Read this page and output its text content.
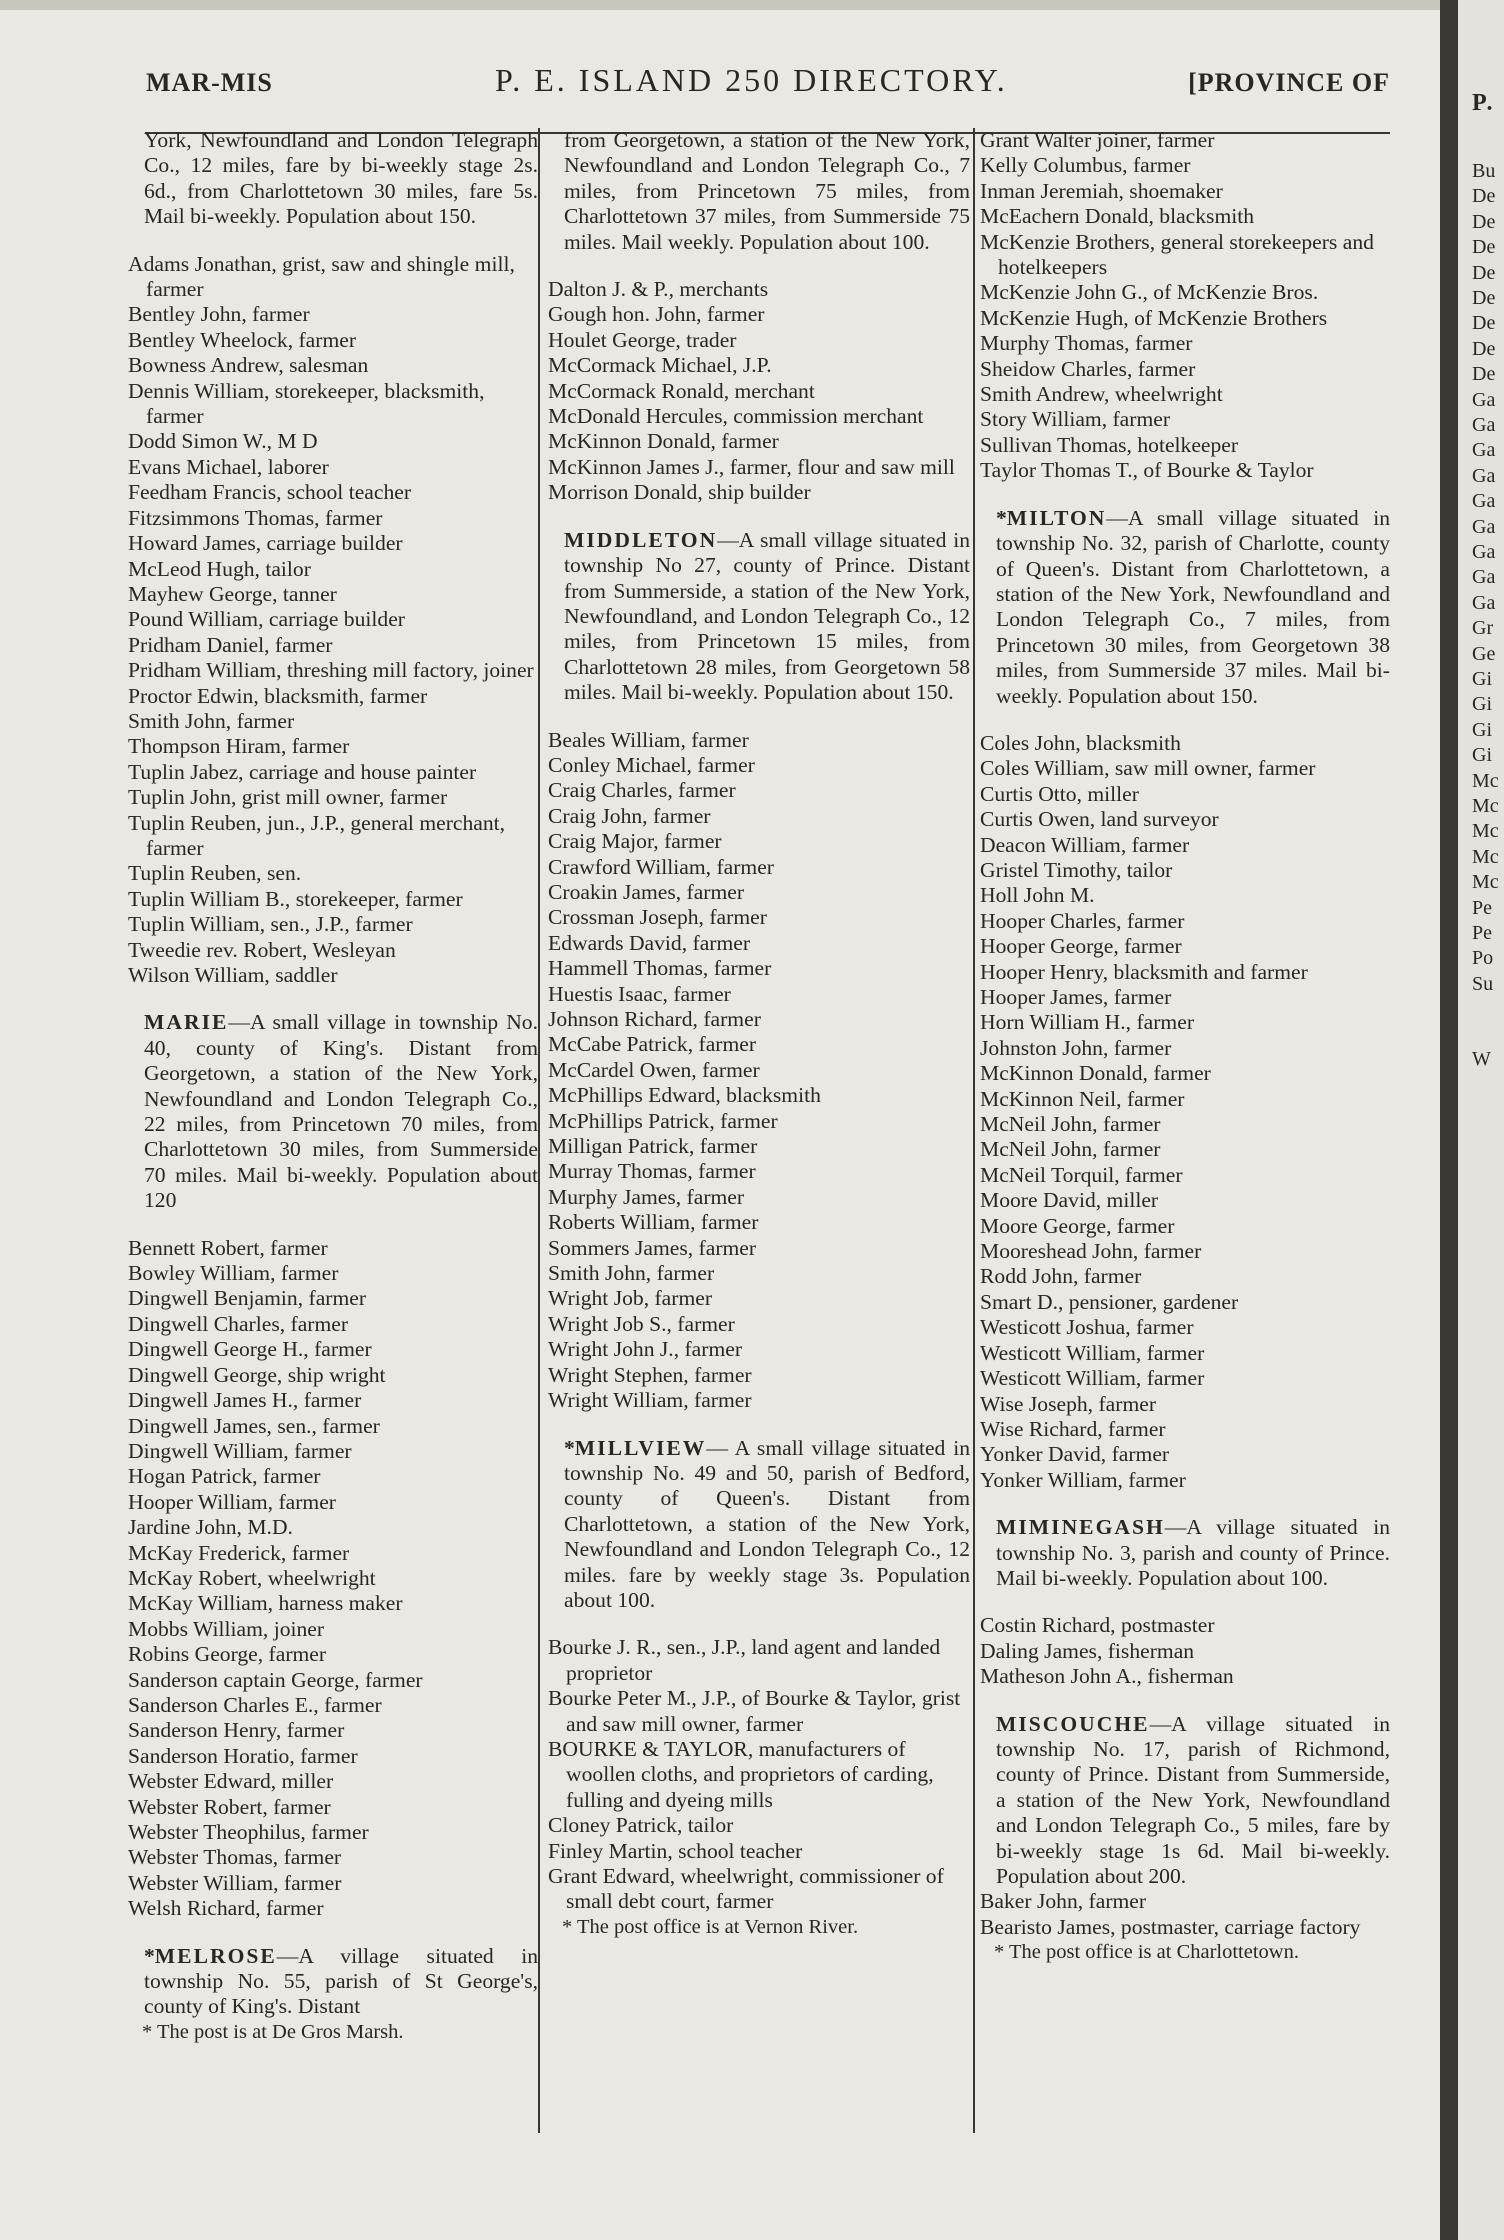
MAR-MIS	P. E. ISLAND 250 DIRECTORY.	[PROVINCE OF

York, Newfoundland and London Telegraph Co., 12 miles, fare by bi-weekly stage 2s. 6d., from Charlottetown 30 miles, fare 5s. Mail bi-weekly. Population about 150.

Adams Jonathan, grist, saw and shingle mill, farmer

Bentley John, farmer

Bentley Wheelock, farmer

Bowness Andrew, salesman

Dennis William, storekeeper, blacksmith, farmer

Dodd Simon W., M D

Evans Michael, laborer

Feedham Francis, school teacher

Fitzsimmons Thomas, farmer

Howard James, carriage builder

McLeod Hugh, tailor

Mayhew George, tanner

Pound William, carriage builder

Pridham Daniel, farmer

Pridham William, threshing mill factory, joiner

Proctor Edwin, blacksmith, farmer

Smith John, farmer

Thompson Hiram, farmer

Tuplin Jabez, carriage and house painter

Tuplin John, grist mill owner, farmer

Tuplin Reuben, jun., J.P., general merchant, farmer

Tuplin Reuben, sen.

Tuplin William B., storekeeper, farmer

Tuplin William, sen., J.P., farmer

Tweedie rev. Robert, Wesleyan

Wilson William, saddler

MARIE—A small village in township No. 40, county of King's. Distant from Georgetown, a station of the New York, Newfoundland and London Telegraph Co., 22 miles, from Princetown 70 miles, from Charlottetown 30 miles, from Summerside 70 miles. Mail bi-weekly. Population about 120

Bennett Robert, farmer

Bowley William, farmer

Dingwell Benjamin, farmer

Dingwell Charles, farmer

Dingwell George H., farmer

Dingwell George, ship wright

Dingwell James H., farmer

Dingwell James, sen., farmer

Dingwell William, farmer

Hogan Patrick, farmer

Hooper William, farmer

Jardine John, M.D.

McKay Frederick, farmer

McKay Robert, wheelwright

McKay William, harness maker

Mobbs William, joiner

Robins George, farmer

Sanderson captain George, farmer

Sanderson Charles E., farmer

Sanderson Henry, farmer

Sanderson Horatio, farmer

Webster Edward, miller

Webster Robert, farmer

Webster Theophilus, farmer

Webster Thomas, farmer

Webster William, farmer

Welsh Richard, farmer

*MELROSE—A village situated in township No. 55, parish of St George's, county of King's. Distant

* The post is at De Gros Marsh.

from Georgetown, a station of the New York, Newfoundland and London Telegraph Co., 7 miles, from Princetown 75 miles, from Charlottetown 37 miles, from Summerside 75 miles. Mail weekly. Population about 100.

Dalton J. & P., merchants

Gough hon. John, farmer

Houlet George, trader

McCormack Michael, J.P.

McCormack Ronald, merchant

McDonald Hercules, commission merchant

McKinnon Donald, farmer

McKinnon James J., farmer, flour and saw mill

Morrison Donald, ship builder

MIDDLETON—A small village situated in township No 27, county of Prince. Distant from Summerside, a station of the New York, Newfoundland, and London Telegraph Co., 12 miles, from Princetown 15 miles, from Charlottetown 28 miles, from Georgetown 58 miles. Mail bi-weekly. Population about 150.

Beales William, farmer

Conley Michael, farmer

Craig Charles, farmer

Craig John, farmer

Craig Major, farmer

Crawford William, farmer

Croakin James, farmer

Crossman Joseph, farmer

Edwards David, farmer

Hammell Thomas, farmer

Huestis Isaac, farmer

Johnson Richard, farmer

McCabe Patrick, farmer

McCardel Owen, farmer

McPhillips Edward, blacksmith

McPhillips Patrick, farmer

Milligan Patrick, farmer

Murray Thomas, farmer

Murphy James, farmer

Roberts William, farmer

Sommers James, farmer

Smith John, farmer

Wright Job, farmer

Wright Job S., farmer

Wright John J., farmer

Wright Stephen, farmer

Wright William, farmer

*MILLVIEW— A small village situated in township No. 49 and 50, parish of Bedford, county of Queen's. Distant from Charlottetown, a station of the New York, Newfoundland and London Telegraph Co., 12 miles. fare by weekly stage 3s. Population about 100.

Bourke J. R., sen., J.P., land agent and landed proprietor

Bourke Peter M., J.P., of Bourke & Taylor, grist and saw mill owner, farmer

BOURKE & TAYLOR, manufacturers of woollen cloths, and proprietors of carding, fulling and dyeing mills

Cloney Patrick, tailor

Finley Martin, school teacher

Grant Edward, wheelwright, commissioner of small debt court, farmer

* The post office is at Vernon River.

Grant Walter joiner, farmer

Kelly Columbus, farmer

Inman Jeremiah, shoemaker

McEachern Donald, blacksmith

McKenzie Brothers, general storekeepers and hotelkeepers

McKenzie John G., of McKenzie Bros.

McKenzie Hugh, of McKenzie Brothers

Murphy Thomas, farmer

Sheidow Charles, farmer

Smith Andrew, wheelwright

Story William, farmer

Sullivan Thomas, hotelkeeper

Taylor Thomas T., of Bourke & Taylor

*MILTON—A small village situated in township No. 32, parish of Charlotte, county of Queen's. Distant from Charlottetown, a station of the New York, Newfoundland and London Telegraph Co., 7 miles, from Princetown 30 miles, from Georgetown 38 miles, from Summerside 37 miles. Mail bi-weekly. Population about 150.

Coles John, blacksmith

Coles William, saw mill owner, farmer

Curtis Otto, miller

Curtis Owen, land surveyor

Deacon William, farmer

Gristel Timothy, tailor

Holl John M.

Hooper Charles, farmer

Hooper George, farmer

Hooper Henry, blacksmith and farmer

Hooper James, farmer

Horn William H., farmer

Johnston John, farmer

McKinnon Donald, farmer

McKinnon Neil, farmer

McNeil John, farmer

McNeil John, farmer

McNeil Torquil, farmer

Moore David, miller

Moore George, farmer

Mooreshead John, farmer

Rodd John, farmer

Smart D., pensioner, gardener

Westicott Joshua, farmer

Westicott William, farmer

Westicott William, farmer

Wise Joseph, farmer

Wise Richard, farmer

Yonker David, farmer

Yonker William, farmer

MIMINEGASH—A village situated in township No. 3, parish and county of Prince. Mail bi-weekly. Population about 100.

Costin Richard, postmaster

Daling James, fisherman

Matheson John A., fisherman

MISCOUCHE—A village situated in township No. 17, parish of Richmond, county of Prince. Distant from Summerside, a station of the New York, Newfoundland and London Telegraph Co., 5 miles, fare by bi-weekly stage 1s 6d. Mail bi-weekly. Population about 200.

Baker John, farmer

Bearisto James, postmaster, carriage factory

* The post office is at Charlottetown.

P.
Bu
De
De
De
De
De
De
De
De
Ga
Ga
Ga
Ga
Ga
Ga
Ga
Ga
Ga
Gr
Ge
Gi
Gi
Gi
Gi
Mc
Mc
Mc
Mc
Mc
Pe
Pe
Po
Su
W
